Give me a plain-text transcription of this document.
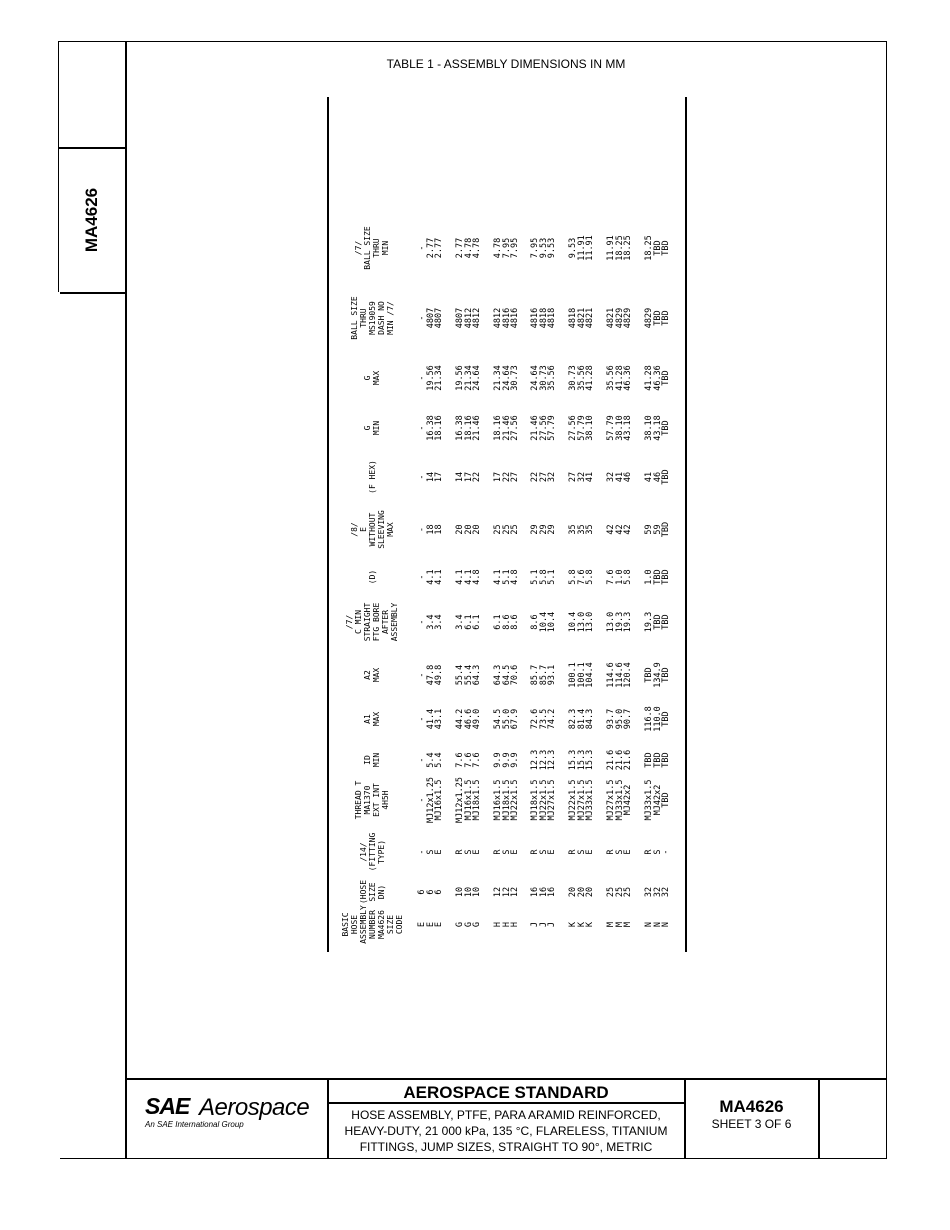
MA4626
TABLE 1 - ASSEMBLY DIMENSIONS IN MM
BASIC
HOSE
ASSEMBLY
NUMBER
MA4626
SIZE
CODE
(HOSE
SIZE
DN)
/14/
(FITTING
TYPE)
THREAD T
MA1370
EXT INT
4H5H
ID
MIN
A1
MAX
A2
MAX
/7/
C MIN
STRAIGHT
FTG BORE
AFTER
ASSEMBLY
(D)
/8/
E
WITHOUT
SLEEVING
MAX
(F HEX)
G
MIN
G
MAX
BALL SIZE
THRU
MS19059
DASH NO
MIN /7/
/7/
BALL SIZE
THRU
MIN
E
E
E
6
6
6
-
S
E
-
MJ12x1.25
MJ16x1.5
-
5.4
5.4
-
41.4
43.1
-
47.8
49.8
-
3.4
3.4
-
4.1
4.1
-
18
18
-
14
17
-
16.38
18.16
-
19.56
21.34
-
4807
4807
-
2.77
2.77
G
G
G
10
10
10
R
S
E
MJ12x1.25
MJ16x1.5
MJ18x1.5
7.6
7.6
7.6
44.2
46.6
49.0
55.4
55.4
64.3
3.4
6.1
6.1
4.1
4.1
4.8
20
20
20
14
17
22
16.38
18.16
21.46
19.56
21.34
24.64
4807
4812
4812
2.77
4.78
4.78
H
H
H
12
12
12
R
S
E
MJ16x1.5
MJ18x1.5
MJ22x1.5
9.9
9.9
9.9
54.5
55.0
67.9
64.3
64.5
70.6
6.1
8.6
8.6
4.1
5.1
4.8
25
25
25
17
22
27
18.16
21.46
27.56
21.34
24.64
30.73
4812
4816
4816
4.78
7.95
7.95
J
J
J
16
16
16
R
S
E
MJ18x1.5
MJ22x1.5
MJ27x1.5
12.3
12.3
12.3
72.6
73.5
74.2
85.7
85.7
93.1
8.6
10.4
10.4
5.1
5.8
5.1
29
29
29
22
27
32
21.46
27.56
57.79
24.64
30.73
35.56
4816
4818
4818
7.95
9.53
9.53
K
K
K
20
20
20
R
S
E
MJ22x1.5
MJ27x1.5
MJ33x1.5
15.3
15.3
15.3
82.3
81.4
84.3
100.1
100.1
104.4
10.4
13.0
13.0
5.8
7.6
5.8
35
35
35
27
32
41
27.56
57.79
38.10
30.73
35.56
41.28
4818
4821
4821
9.53
11.91
11.91
M
M
M
25
25
25
R
S
E
MJ27x1.5
MJ33x1.5
MJ42x2
21.6
21.6
21.6
93.7
95.0
90.7
114.6
114.6
120.4
13.0
19.3
19.3
7.6
1.0
5.8
42
42
42
32
41
46
57.79
38.10
43.18
35.56
41.28
46.36
4821
4829
4829
11.91
18.25
18.25
N
N
N
32
32
32
R
S
-
MJ33x1.5
MJ42x2
TBD
TBD
TBD
TBD
116.8
110.0
TBD
TBD
134.9
TBD
19.3
TBD
TBD
1.0
TBD
TBD
59
59
TBD
41
46
TBD
38.10
43.18
TBD
41.28
46.36
TBD
4829
TBD
TBD
18.25
TBD
TBD
SAE Aerospace
An SAE International Group
AEROSPACE STANDARD
HOSE ASSEMBLY, PTFE, PARA ARAMID REINFORCED,
HEAVY-DUTY, 21 000 kPa, 135 °C, FLARELESS, TITANIUM
FITTINGS, JUMP SIZES, STRAIGHT TO 90°, METRIC
MA4626
SHEET 3 OF 6
